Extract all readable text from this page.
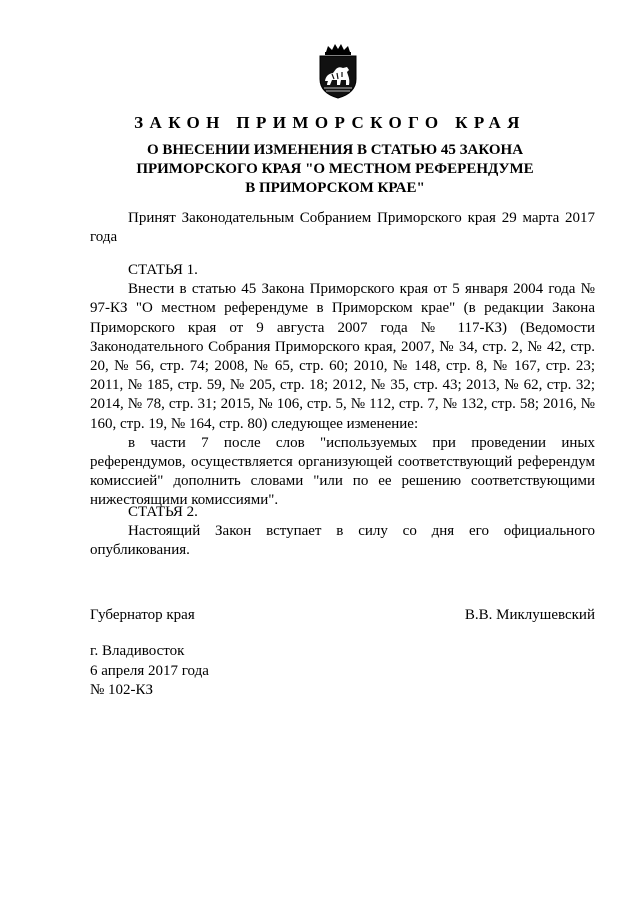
ЗАКОН ПРИМОРСКОГО КРАЯ
О ВНЕСЕНИИ ИЗМЕНЕНИЯ В СТАТЬЮ 45 ЗАКОНА
ПРИМОРСКОГО КРАЯ "О МЕСТНОМ РЕФЕРЕНДУМЕ
В ПРИМОРСКОМ КРАЕ"

Принят Законодательным Собранием Приморского края 29 марта 2017 года

СТАТЬЯ 1.

Внести в статью 45 Закона Приморского края от 5 января 2004 года № 97-КЗ "О местном референдуме в Приморском крае" (в редакции Закона Приморского края от 9 августа 2007 года № 117-КЗ) (Ведомости Законодательного Собрания Приморского края, 2007, № 34, стр. 2, № 42, стр. 20, № 56, стр. 74; 2008, № 65, стр. 60; 2010, № 148, стр. 8, № 167, стр. 23; 2011, № 185, стр. 59, № 205, стр. 18; 2012, № 35, стр. 43; 2013, № 62, стр. 32; 2014, № 78, стр. 31; 2015, № 106, стр. 5, № 112, стр. 7, № 132, стр. 58; 2016, № 160, стр. 19, № 164, стр. 80) следующее изменение:

в части 7 после слов "используемых при проведении иных референдумов, осуществляется организующей соответствующий референдум комиссией" дополнить словами "или по ее решению соответствующими нижестоящими комиссиями".

СТАТЬЯ 2.

Настоящий Закон вступает в силу со дня его официального опубликования.

Губернатор края	В.В. Миклушевский
г. Владивосток
6 апреля 2017 года
№ 102-КЗ
